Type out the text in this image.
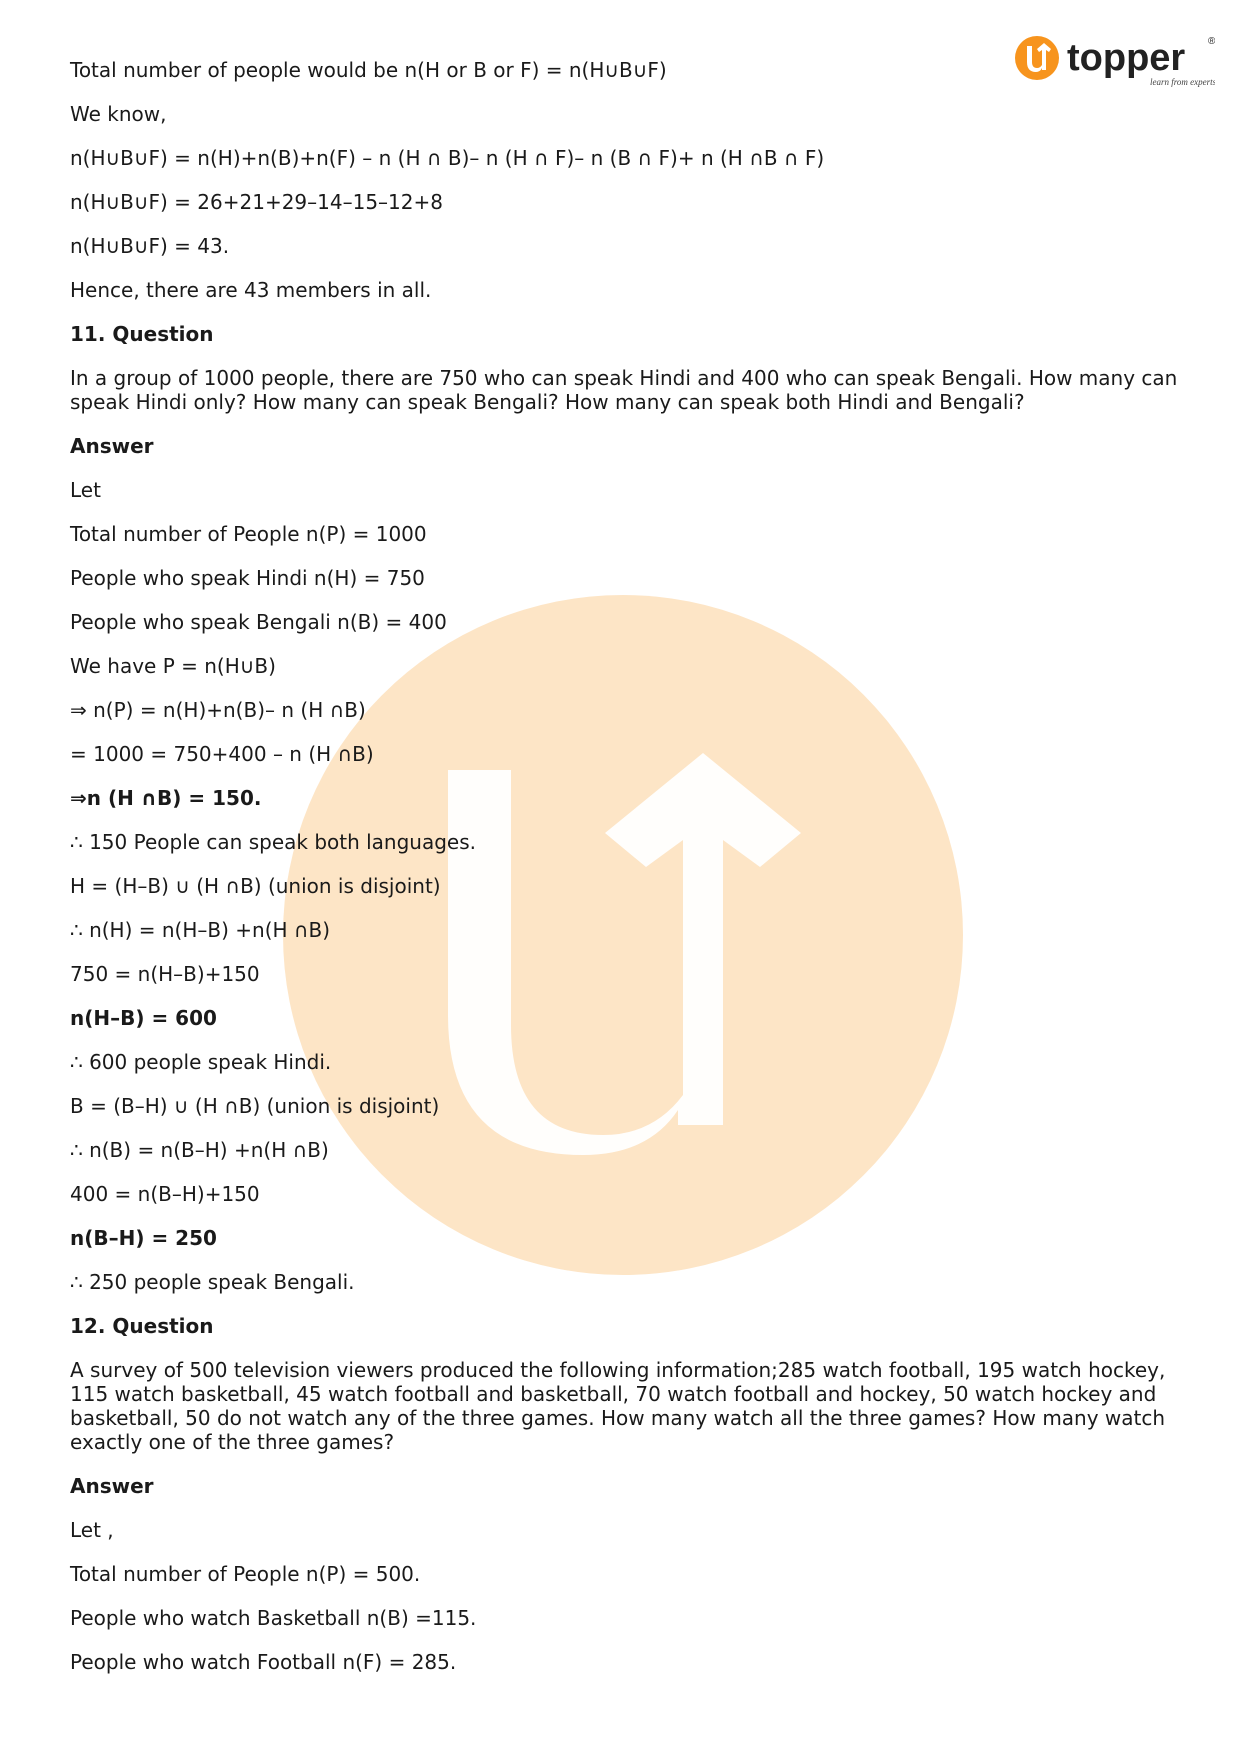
topper ®
learn from experts

Total number of people would be n(H or B or F) = n(H∪B∪F)

We know,

n(H∪B∪F) = n(H)+n(B)+n(F) – n (H ∩ B)– n (H ∩ F)– n (B ∩ F)+ n (H ∩B ∩ F)

n(H∪B∪F) = 26+21+29–14–15–12+8

n(H∪B∪F) = 43.

Hence, there are 43 members in all.

11. Question

In a group of 1000 people, there are 750 who can speak Hindi and 400 who can speak Bengali. How many can speak Hindi only? How many can speak Bengali? How many can speak both Hindi and Bengali?

Answer

Let

Total number of People n(P) = 1000

People who speak Hindi n(H) = 750

People who speak Bengali n(B) = 400

We have P = n(H∪B)

⇒ n(P) = n(H)+n(B)– n (H ∩B)

= 1000 = 750+400 – n (H ∩B)

⇒n (H ∩B) = 150.

∴ 150 People can speak both languages.

H = (H–B) ∪ (H ∩B) (union is disjoint)

∴ n(H) = n(H–B) +n(H ∩B)

750 = n(H–B)+150

n(H–B) = 600

∴ 600 people speak Hindi.

B = (B–H) ∪ (H ∩B) (union is disjoint)

∴ n(B) = n(B–H) +n(H ∩B)

400 = n(B–H)+150

n(B–H) = 250

∴ 250 people speak Bengali.

12. Question

A survey of 500 television viewers produced the following information;285 watch football, 195 watch hockey, 115 watch basketball, 45 watch football and basketball, 70 watch football and hockey, 50 watch hockey and basketball, 50 do not watch any of the three games. How many watch all the three games? How many watch exactly one of the three games?

Answer

Let ,

Total number of People n(P) = 500.

People who watch Basketball n(B) =115.

People who watch Football n(F) = 285.
